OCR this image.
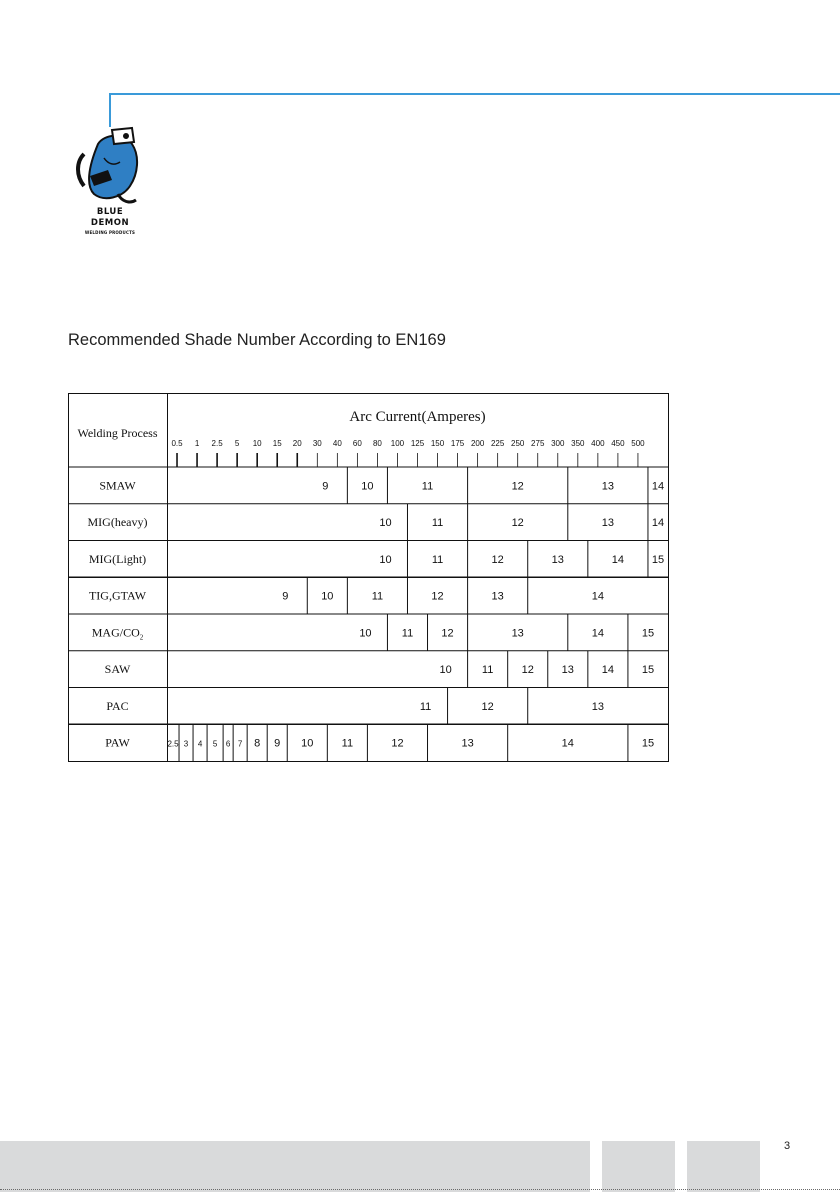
BLUE
DEMON
WELDING PRODUCTS
Recommended Shade Number According to EN169
Welding Process
Arc Current(Amperes)
0.5 1 2.5 5 10 15 20 30 40 60 80 100 125 150 175 200 225 250 275 300 350 400 450 500
SMAW	9	10	11	12	13	14
MIG(heavy)	10	11	12	13	14
MIG(Light)	10	11	12	13	14	15
TIG,GTAW	9	10	11	12	13	14
MAG/$CO_2$	10	11	12	13	14	15
SAW	10	11	12	13	14	15
PAC	11	12	13
PAW	2.5 3 4 5 6 7 8 9 10	11	12	13	14	15
3
